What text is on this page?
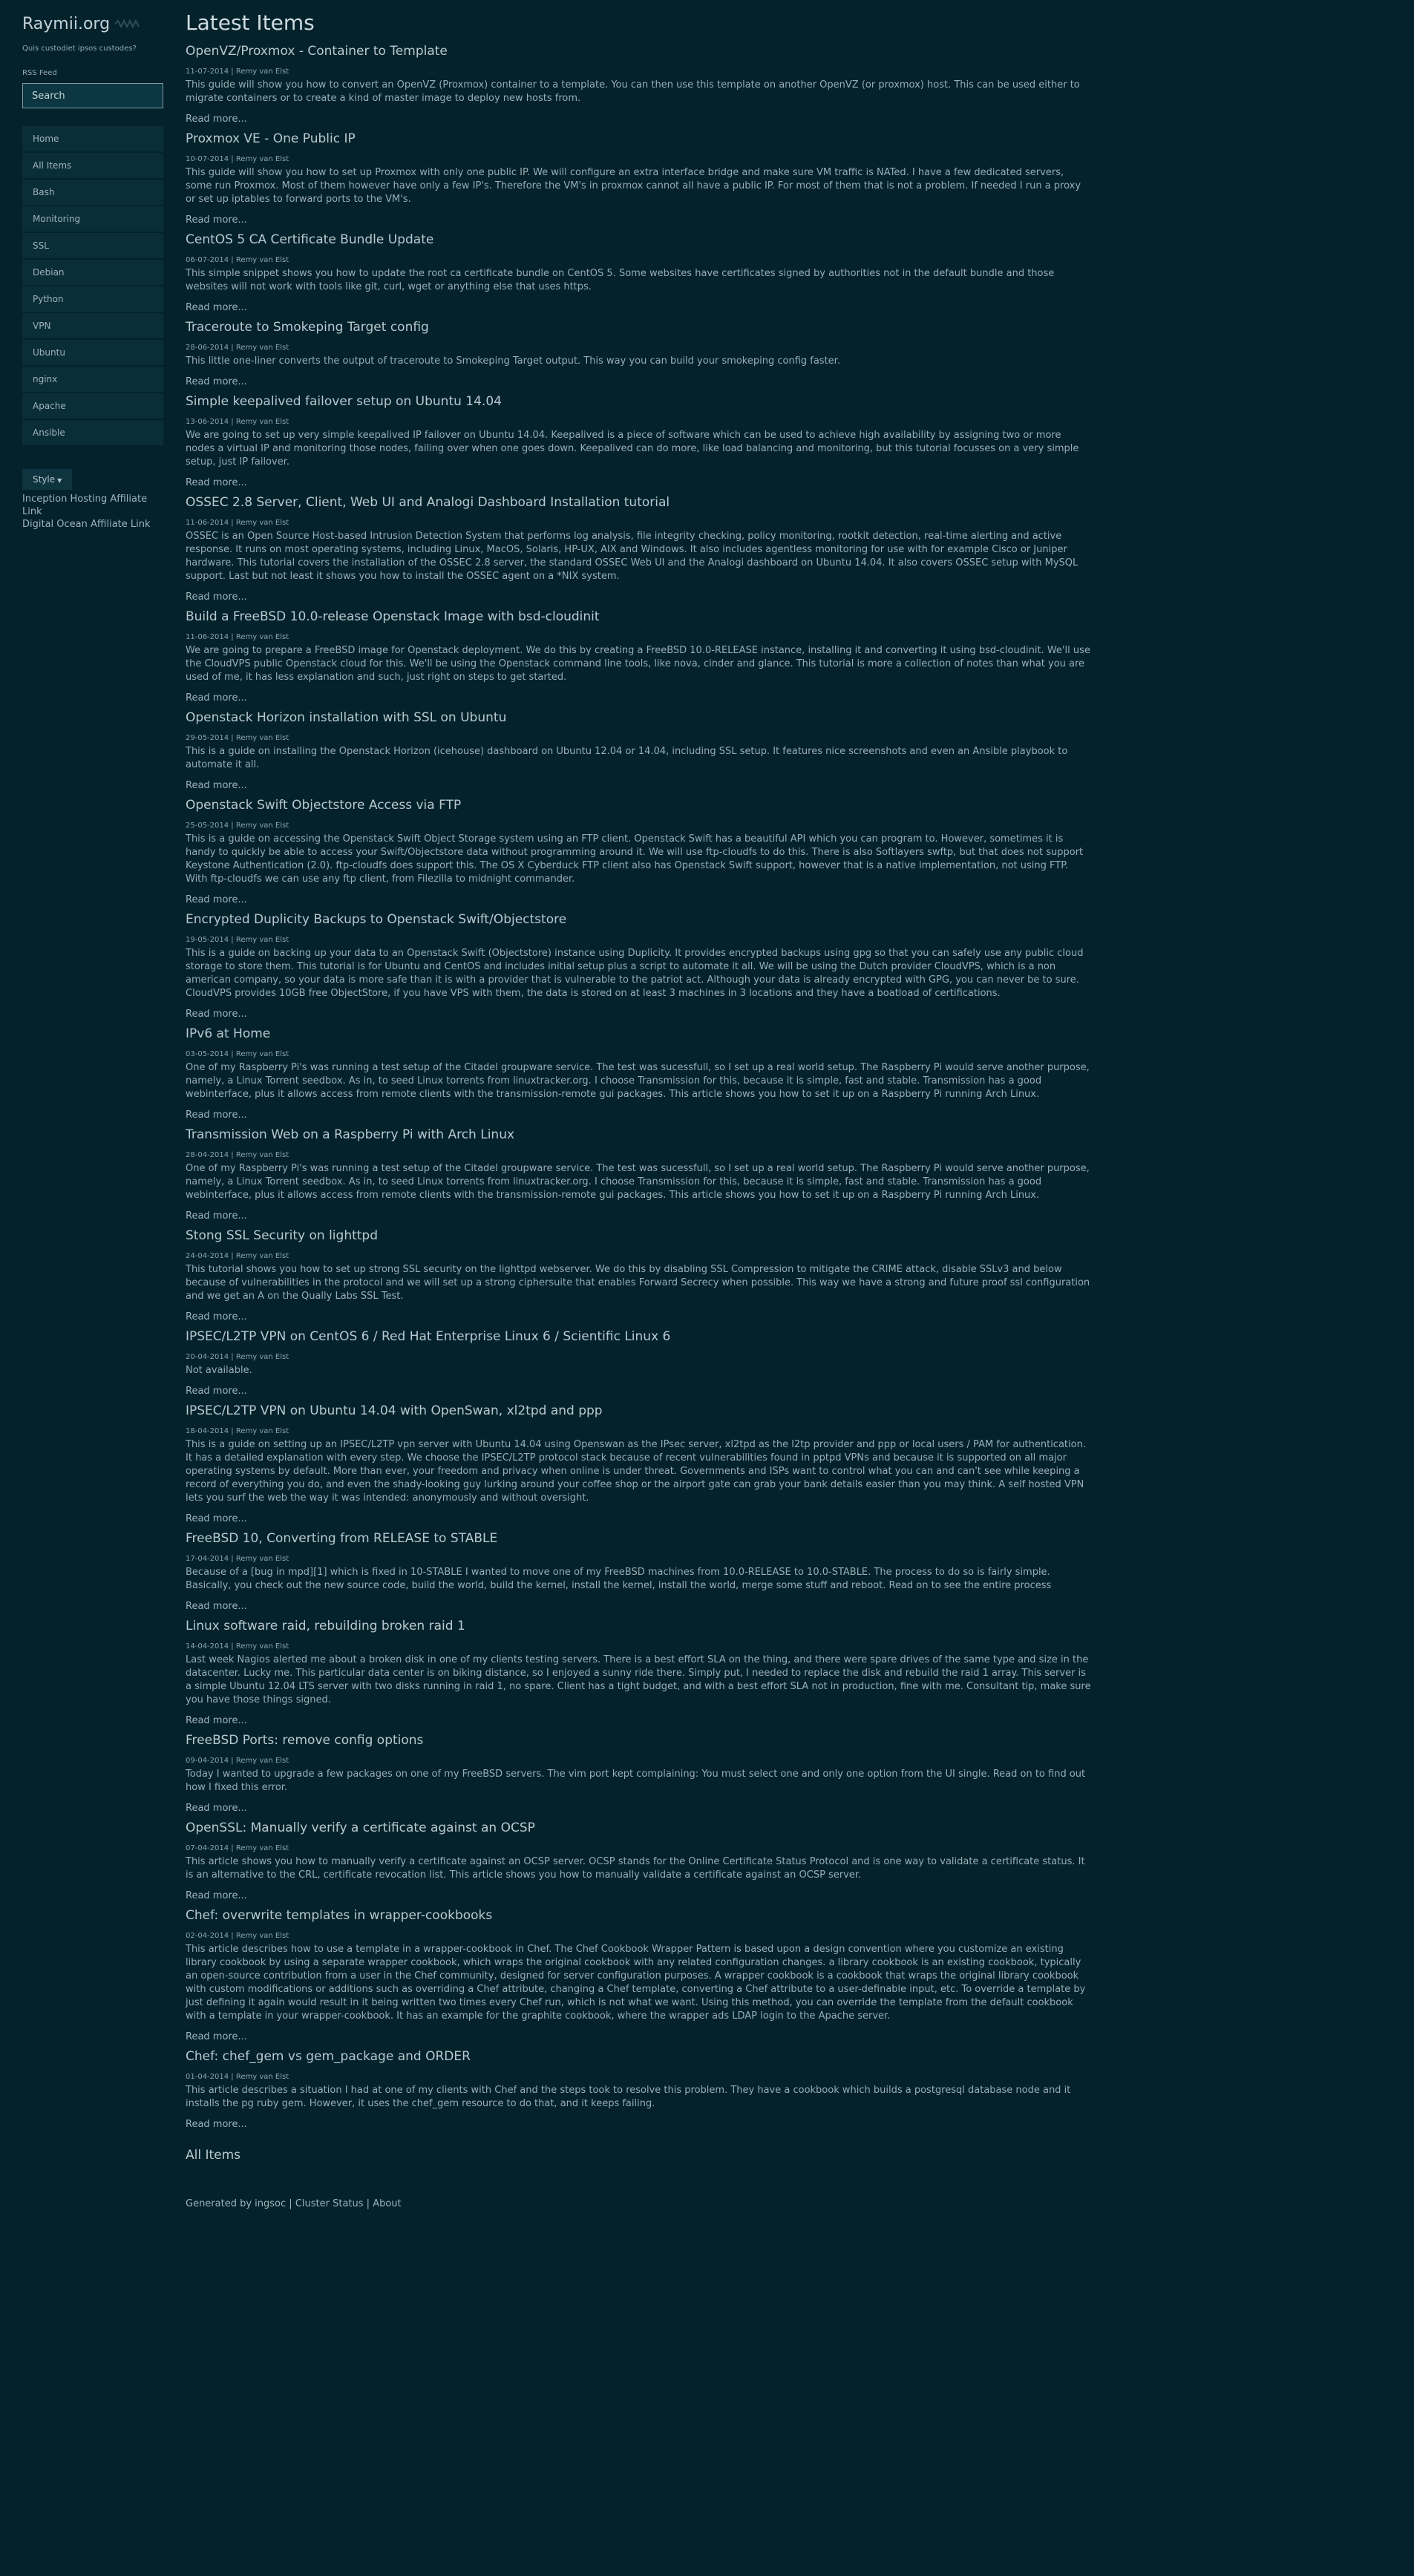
Raymii.org
Quis custodiet ipsos custodes?
RSS Feed
Search
Home
All Items
Bash
Monitoring
SSL
Debian
Python
VPN
Ubuntu
nginx
Apache
Ansible
Style ▼
Inception Hosting Affiliate Link
Digital Ocean Affiliate Link
Latest Items
OpenVZ/Proxmox - Container to Template
11-07-2014 | Remy van Elst
This guide will show you how to convert an OpenVZ (Proxmox) container to a template. You can then use this template on another OpenVZ (or proxmox) host. This can be used either to migrate containers or to create a kind of master image to deploy new hosts from.
Read more...
Proxmox VE - One Public IP
10-07-2014 | Remy van Elst
This guide will show you how to set up Proxmox with only one public IP. We will configure an extra interface bridge and make sure VM traffic is NATed. I have a few dedicated servers, some run Proxmox. Most of them however have only a few IP's. Therefore the VM's in proxmox cannot all have a public IP. For most of them that is not a problem. If needed I run a proxy or set up iptables to forward ports to the VM's.
Read more...
CentOS 5 CA Certificate Bundle Update
06-07-2014 | Remy van Elst
This simple snippet shows you how to update the root ca certificate bundle on CentOS 5. Some websites have certificates signed by authorities not in the default bundle and those websites will not work with tools like git, curl, wget or anything else that uses https.
Read more...
Traceroute to Smokeping Target config
28-06-2014 | Remy van Elst
This little one-liner converts the output of traceroute to Smokeping Target output. This way you can build your smokeping config faster.
Read more...
Simple keepalived failover setup on Ubuntu 14.04
13-06-2014 | Remy van Elst
We are going to set up very simple keepalived IP failover on Ubuntu 14.04. Keepalived is a piece of software which can be used to achieve high availability by assigning two or more nodes a virtual IP and monitoring those nodes, failing over when one goes down. Keepalived can do more, like load balancing and monitoring, but this tutorial focusses on a very simple setup, just IP failover.
Read more...
OSSEC 2.8 Server, Client, Web UI and Analogi Dashboard Installation tutorial
11-06-2014 | Remy van Elst
OSSEC is an Open Source Host-based Intrusion Detection System that performs log analysis, file integrity checking, policy monitoring, rootkit detection, real-time alerting and active response. It runs on most operating systems, including Linux, MacOS, Solaris, HP-UX, AIX and Windows. It also includes agentless monitoring for use with for example Cisco or Juniper hardware. This tutorial covers the installation of the OSSEC 2.8 server, the standard OSSEC Web UI and the Analogi dashboard on Ubuntu 14.04. It also covers OSSEC setup with MySQL support. Last but not least it shows you how to install the OSSEC agent on a *NIX system.
Read more...
Build a FreeBSD 10.0-release Openstack Image with bsd-cloudinit
11-06-2014 | Remy van Elst
We are going to prepare a FreeBSD image for Openstack deployment. We do this by creating a FreeBSD 10.0-RELEASE instance, installing it and converting it using bsd-cloudinit. We'll use the CloudVPS public Openstack cloud for this. We'll be using the Openstack command line tools, like nova, cinder and glance. This tutorial is more a collection of notes than what you are used of me, it has less explanation and such, just right on steps to get started.
Read more...
Openstack Horizon installation with SSL on Ubuntu
29-05-2014 | Remy van Elst
This is a guide on installing the Openstack Horizon (icehouse) dashboard on Ubuntu 12.04 or 14.04, including SSL setup. It features nice screenshots and even an Ansible playbook to automate it all.
Read more...
Openstack Swift Objectstore Access via FTP
25-05-2014 | Remy van Elst
This is a guide on accessing the Openstack Swift Object Storage system using an FTP client. Openstack Swift has a beautiful API which you can program to. However, sometimes it is handy to quickly be able to access your Swift/Objectstore data without programming around it. We will use ftp-cloudfs to do this. There is also Softlayers swftp, but that does not support Keystone Authentication (2.0). ftp-cloudfs does support this. The OS X Cyberduck FTP client also has Openstack Swift support, however that is a native implementation, not using FTP. With ftp-cloudfs we can use any ftp client, from Filezilla to midnight commander.
Read more...
Encrypted Duplicity Backups to Openstack Swift/Objectstore
19-05-2014 | Remy van Elst
This is a guide on backing up your data to an Openstack Swift (Objectstore) instance using Duplicity. It provides encrypted backups using gpg so that you can safely use any public cloud storage to store them. This tutorial is for Ubuntu and CentOS and includes initial setup plus a script to automate it all. We will be using the Dutch provider CloudVPS, which is a non american company, so your data is more safe than it is with a provider that is vulnerable to the patriot act. Although your data is already encrypted with GPG, you can never be to sure. CloudVPS provides 10GB free ObjectStore, if you have VPS with them, the data is stored on at least 3 machines in 3 locations and they have a boatload of certifications.
Read more...
IPv6 at Home
03-05-2014 | Remy van Elst
One of my Raspberry Pi's was running a test setup of the Citadel groupware service. The test was sucessfull, so I set up a real world setup. The Raspberry Pi would serve another purpose, namely, a Linux Torrent seedbox. As in, to seed Linux torrents from linuxtracker.org. I choose Transmission for this, because it is simple, fast and stable. Transmission has a good webinterface, plus it allows access from remote clients with the transmission-remote gui packages. This article shows you how to set it up on a Raspberry Pi running Arch Linux.
Read more...
Transmission Web on a Raspberry Pi with Arch Linux
28-04-2014 | Remy van Elst
One of my Raspberry Pi's was running a test setup of the Citadel groupware service. The test was sucessfull, so I set up a real world setup. The Raspberry Pi would serve another purpose, namely, a Linux Torrent seedbox. As in, to seed Linux torrents from linuxtracker.org. I choose Transmission for this, because it is simple, fast and stable. Transmission has a good webinterface, plus it allows access from remote clients with the transmission-remote gui packages. This article shows you how to set it up on a Raspberry Pi running Arch Linux.
Read more...
Stong SSL Security on lighttpd
24-04-2014 | Remy van Elst
This tutorial shows you how to set up strong SSL security on the lighttpd webserver. We do this by disabling SSL Compression to mitigate the CRIME attack, disable SSLv3 and below because of vulnerabilities in the protocol and we will set up a strong ciphersuite that enables Forward Secrecy when possible. This way we have a strong and future proof ssl configuration and we get an A on the Qually Labs SSL Test.
Read more...
IPSEC/L2TP VPN on CentOS 6 / Red Hat Enterprise Linux 6 / Scientific Linux 6
20-04-2014 | Remy van Elst
Not available.
Read more...
IPSEC/L2TP VPN on Ubuntu 14.04 with OpenSwan, xl2tpd and ppp
18-04-2014 | Remy van Elst
This is a guide on setting up an IPSEC/L2TP vpn server with Ubuntu 14.04 using Openswan as the IPsec server, xl2tpd as the l2tp provider and ppp or local users / PAM for authentication. It has a detailed explanation with every step. We choose the IPSEC/L2TP protocol stack because of recent vulnerabilities found in pptpd VPNs and because it is supported on all major operating systems by default. More than ever, your freedom and privacy when online is under threat. Governments and ISPs want to control what you can and can't see while keeping a record of everything you do, and even the shady-looking guy lurking around your coffee shop or the airport gate can grab your bank details easier than you may think. A self hosted VPN lets you surf the web the way it was intended: anonymously and without oversight.
Read more...
FreeBSD 10, Converting from RELEASE to STABLE
17-04-2014 | Remy van Elst
Because of a [bug in mpd][1] which is fixed in 10-STABLE I wanted to move one of my FreeBSD machines from 10.0-RELEASE to 10.0-STABLE. The process to do so is fairly simple. Basically, you check out the new source code, build the world, build the kernel, install the kernel, install the world, merge some stuff and reboot. Read on to see the entire process
Read more...
Linux software raid, rebuilding broken raid 1
14-04-2014 | Remy van Elst
Last week Nagios alerted me about a broken disk in one of my clients testing servers. There is a best effort SLA on the thing, and there were spare drives of the same type and size in the datacenter. Lucky me. This particular data center is on biking distance, so I enjoyed a sunny ride there. Simply put, I needed to replace the disk and rebuild the raid 1 array. This server is a simple Ubuntu 12.04 LTS server with two disks running in raid 1, no spare. Client has a tight budget, and with a best effort SLA not in production, fine with me. Consultant tip, make sure you have those things signed.
Read more...
FreeBSD Ports: remove config options
09-04-2014 | Remy van Elst
Today I wanted to upgrade a few packages on one of my FreeBSD servers. The vim port kept complaining: You must select one and only one option from the UI single. Read on to find out how I fixed this error.
Read more...
OpenSSL: Manually verify a certificate against an OCSP
07-04-2014 | Remy van Elst
This article shows you how to manually verify a certificate against an OCSP server. OCSP stands for the Online Certificate Status Protocol and is one way to validate a certificate status. It is an alternative to the CRL, certificate revocation list. This article shows you how to manually validate a certificate against an OCSP server.
Read more...
Chef: overwrite templates in wrapper-cookbooks
02-04-2014 | Remy van Elst
This article describes how to use a template in a wrapper-cookbook in Chef. The Chef Cookbook Wrapper Pattern is based upon a design convention where you customize an existing library cookbook by using a separate wrapper cookbook, which wraps the original cookbook with any related configuration changes. a library cookbook is an existing cookbook, typically an open-source contribution from a user in the Chef community, designed for server configuration purposes. A wrapper cookbook is a cookbook that wraps the original library cookbook with custom modifications or additions such as overriding a Chef attribute, changing a Chef template, converting a Chef attribute to a user-definable input, etc. To override a template by just defining it again would result in it being written two times every Chef run, which is not what we want. Using this method, you can override the template from the default cookbook with a template in your wrapper-cookbook. It has an example for the graphite cookbook, where the wrapper ads LDAP login to the Apache server.
Read more...
Chef: chef_gem vs gem_package and ORDER
01-04-2014 | Remy van Elst
This article describes a situation I had at one of my clients with Chef and the steps took to resolve this problem. They have a cookbook which builds a postgresql database node and it installs the pg ruby gem. However, it uses the chef_gem resource to do that, and it keeps failing.
Read more...
All Items
Generated by ingsoc | Cluster Status | About
